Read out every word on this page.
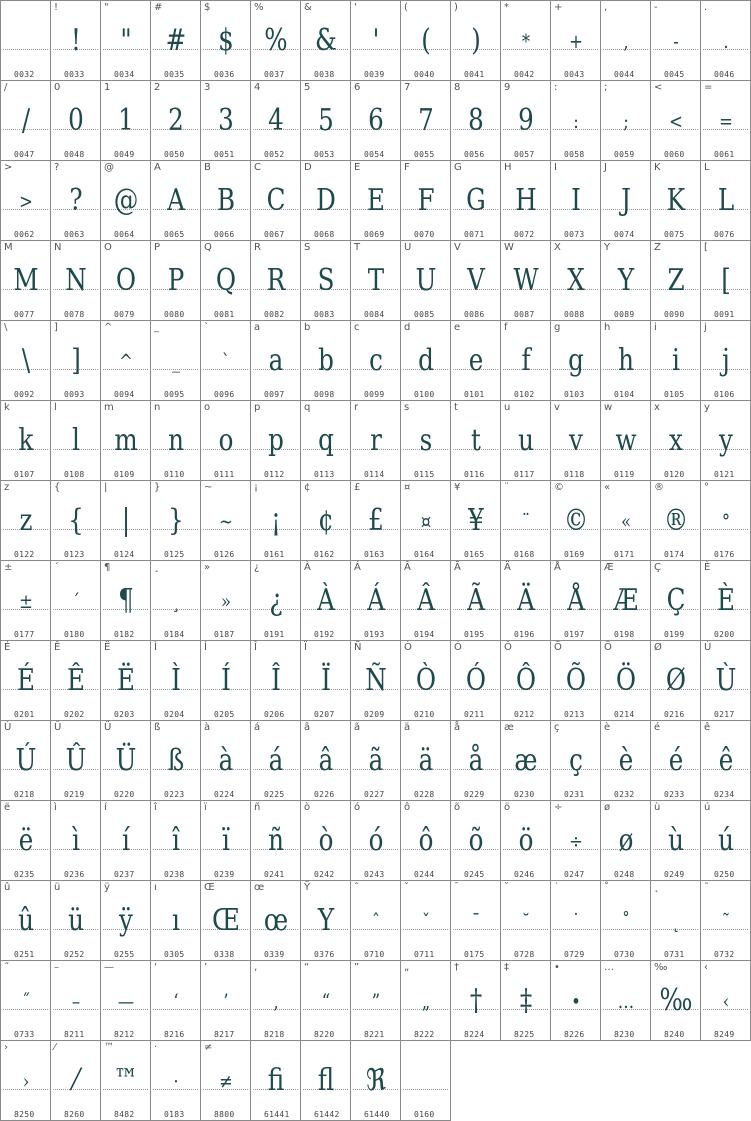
0032
!
!
0033
"
"
0034
#
#
0035
$
$
0036
%
%
0037
&
&
0038
'
'
0039
(
(
0040
)
)
0041
*
*
0042
+
+
0043
,
,
0044
-
-
0045
.
.
0046
/
/
0047
0
0
0048
1
1
0049
2
2
0050
3
3
0051
4
4
0052
5
5
0053
6
6
0054
7
7
0055
8
8
0056
9
9
0057
:
:
0058
;
;
0059
<
<
0060
=
=
0061
>
>
0062
?
?
0063
@
@
0064
A
A
0065
B
B
0066
C
C
0067
D
D
0068
E
E
0069
F
F
0070
G
G
0071
H
H
0072
I
I
0073
J
J
0074
K
K
0075
L
L
0076
M
M
0077
N
N
0078
O
O
0079
P
P
0080
Q
Q
0081
R
R
0082
S
S
0083
T
T
0084
U
U
0085
V
V
0086
W
W
0087
X
X
0088
Y
Y
0089
Z
Z
0090
[
[
0091
\
\
0092
]
]
0093
^
^
0094
_
_
0095
`
`
0096
a
a
0097
b
b
0098
c
c
0099
d
d
0100
e
e
0101
f
f
0102
g
g
0103
h
h
0104
i
i
0105
j
j
0106
k
k
0107
l
l
0108
m
m
0109
n
n
0110
o
o
0111
p
p
0112
q
q
0113
r
r
0114
s
s
0115
t
t
0116
u
u
0117
v
v
0118
w
w
0119
x
x
0120
y
y
0121
z
z
0122
{
{
0123
|
|
0124
}
}
0125
~
~
0126
¡
¡
0161
¢
¢
0162
£
£
0163
¤
¤
0164
¥
¥
0165
¨
¨
0168
©
©
0169
«
«
0171
®
®
0174
°
°
0176
±
±
0177
´
´
0180
¶
¶
0182
¸
¸
0184
»
»
0187
¿
¿
0191
À
À
0192
Á
Á
0193
Â
Â
0194
Ã
Ã
0195
Ä
Ä
0196
Å
Å
0197
Æ
Æ
0198
Ç
Ç
0199
È
È
0200
É
É
0201
Ê
Ê
0202
Ë
Ë
0203
Ì
Ì
0204
Í
Í
0205
Î
Î
0206
Ï
Ï
0207
Ñ
Ñ
0209
Ò
Ò
0210
Ó
Ó
0211
Ô
Ô
0212
Õ
Õ
0213
Ö
Ö
0214
Ø
Ø
0216
Ù
Ù
0217
Ú
Ú
0218
Û
Û
0219
Ü
Ü
0220
ß
ß
0223
à
à
0224
á
á
0225
â
â
0226
ã
ã
0227
ä
ä
0228
å
å
0229
æ
æ
0230
ç
ç
0231
è
è
0232
é
é
0233
ê
ê
0234
ë
ë
0235
ì
ì
0236
í
í
0237
î
î
0238
ï
ï
0239
ñ
ñ
0241
ò
ò
0242
ó
ó
0243
ô
ô
0244
õ
õ
0245
ö
ö
0246
÷
÷
0247
ø
ø
0248
ù
ù
0249
ú
ú
0250
û
û
0251
ü
ü
0252
ÿ
ÿ
0255
ı
ı
0305
Œ
Œ
0338
œ
œ
0339
Ÿ
Y
0376
ˆ
ˆ
0710
ˇ
ˇ
0711
¯
¯
0175
˘
˘
0728
˙
˙
0729
˚
˚
0730
˛
˛
0731
˜
˜
0732
˝
˝
0733
–
–
8211
—
—
8212
‘
‘
8216
’
’
8217
‚
‚
8218
“
“
8220
”
”
8221
„
„
8222
†
†
8224
‡
‡
8225
•
•
8226
…
…
8230
‰
‰
8240
‹
‹
8249
›
›
8250
⁄
⁄
8260
™
™
8482
·
·
0183
≠
≠
8800
ﬁ
61441
ﬂ
61442
ℜ
61440	0160
